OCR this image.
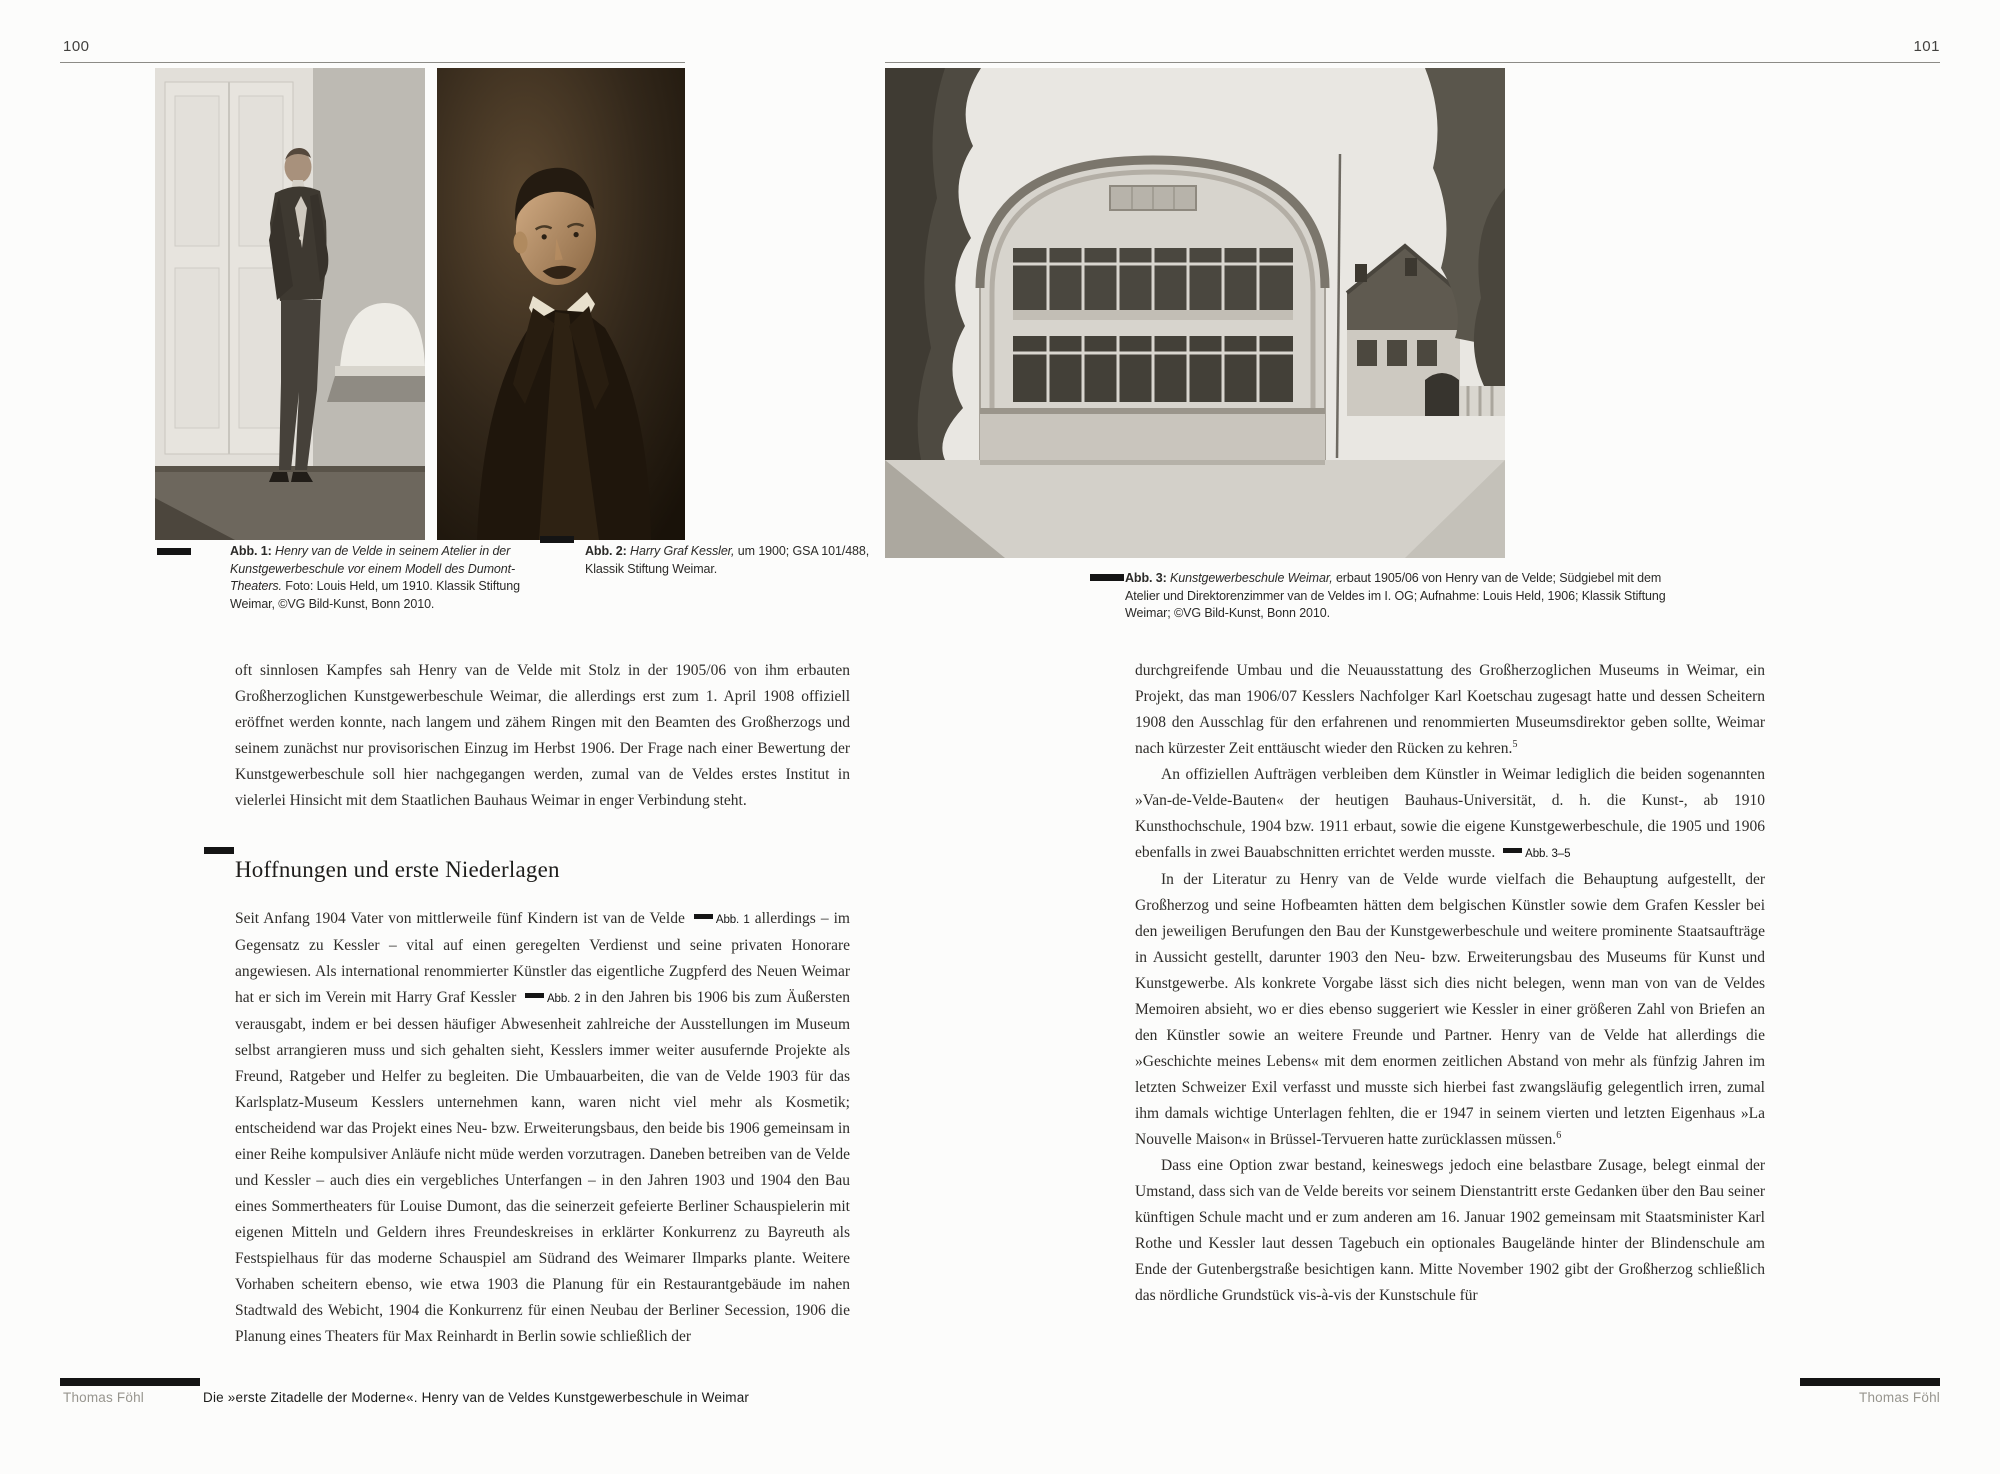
100	101
Abb. 1: Henry van de Velde in seinem Atelier in der Kunstgewerbeschule vor einem Modell des Dumont-Theaters. Foto: Louis Held, um 1910. Klassik Stiftung Weimar, ©VG Bild-Kunst, Bonn 2010.
Abb. 2: Harry Graf Kessler, um 1900; GSA 101/488, Klassik Stiftung Weimar.
Abb. 3: Kunstgewerbeschule Weimar, erbaut 1905/06 von Henry van de Velde; Südgiebel mit dem Atelier und Direktorenzimmer van de Veldes im I. OG; Aufnahme: Louis Held, 1906; Klassik Stiftung Weimar; ©VG Bild-Kunst, Bonn 2010.

oft sinnlosen Kampfes sah Henry van de Velde mit Stolz in der 1905/06 von ihm erbauten Großherzoglichen Kunstgewerbeschule Weimar, die allerdings erst zum 1. April 1908 offiziell eröffnet werden konnte, nach langem und zähem Ringen mit den Beamten des Großherzogs und seinem zunächst nur provisorischen Einzug im Herbst 1906. Der Frage nach einer Bewertung der Kunstgewerbeschule soll hier nachgegangen werden, zumal van de Veldes erstes Institut in vielerlei Hinsicht mit dem Staatlichen Bauhaus Weimar in enger Verbindung steht.

Hoffnungen und erste Niederlagen

Seit Anfang 1904 Vater von mittlerweile fünf Kindern ist van de Velde Abb. 1 allerdings – im Gegensatz zu Kessler – vital auf einen geregelten Verdienst und seine privaten Honorare angewiesen. Als international renommierter Künstler das eigentliche Zugpferd des Neuen Weimar hat er sich im Verein mit Harry Graf Kessler Abb. 2 in den Jahren bis 1906 bis zum Äußersten verausgabt, indem er bei dessen häufiger Abwesenheit zahlreiche der Ausstellungen im Museum selbst arrangieren muss und sich gehalten sieht, Kesslers immer weiter ausufernde Projekte als Freund, Ratgeber und Helfer zu begleiten. Die Umbauarbeiten, die van de Velde 1903 für das Karlsplatz-Museum Kesslers unternehmen kann, waren nicht viel mehr als Kosmetik; entscheidend war das Projekt eines Neu- bzw. Erweiterungsbaus, den beide bis 1906 gemeinsam in einer Reihe kompulsiver Anläufe nicht müde werden vorzutragen. Daneben betreiben van de Velde und Kessler – auch dies ein vergebliches Unterfangen – in den Jahren 1903 und 1904 den Bau eines Sommertheaters für Louise Dumont, das die seinerzeit gefeierte Berliner Schauspielerin mit eigenen Mitteln und Geldern ihres Freundeskreises in erklärter Konkurrenz zu Bayreuth als Festspielhaus für das moderne Schauspiel am Südrand des Weimarer Ilmparks plante. Weitere Vorhaben scheitern ebenso, wie etwa 1903 die Planung für ein Restaurantgebäude im nahen Stadtwald des Webicht, 1904 die Konkurrenz für einen Neubau der Berliner Secession, 1906 die Planung eines Theaters für Max Reinhardt in Berlin sowie schließlich der

durchgreifende Umbau und die Neuausstattung des Großherzoglichen Museums in Weimar, ein Projekt, das man 1906/07 Kesslers Nachfolger Karl Koetschau zugesagt hatte und dessen Scheitern 1908 den Ausschlag für den erfahrenen und renommierten Museumsdirektor geben sollte, Weimar nach kürzester Zeit enttäuscht wieder den Rücken zu kehren.$^5$

An offiziellen Aufträgen verbleiben dem Künstler in Weimar lediglich die beiden sogenannten »Van-de-Velde-Bauten« der heutigen Bauhaus-Universität, d. h. die Kunst-, ab 1910 Kunsthochschule, 1904 bzw. 1911 erbaut, sowie die eigene Kunstgewerbeschule, die 1905 und 1906 ebenfalls in zwei Bauabschnitten errichtet werden musste. Abb. 3–5

In der Literatur zu Henry van de Velde wurde vielfach die Behauptung aufgestellt, der Großherzog und seine Hofbeamten hätten dem belgischen Künstler sowie dem Grafen Kessler bei den jeweiligen Berufungen den Bau der Kunstgewerbeschule und weitere prominente Staatsaufträge in Aussicht gestellt, darunter 1903 den Neu- bzw. Erweiterungsbau des Museums für Kunst und Kunstgewerbe. Als konkrete Vorgabe lässt sich dies nicht belegen, wenn man von van de Veldes Memoiren absieht, wo er dies ebenso suggeriert wie Kessler in einer größeren Zahl von Briefen an den Künstler sowie an weitere Freunde und Partner. Henry van de Velde hat allerdings die »Geschichte meines Lebens« mit dem enormen zeitlichen Abstand von mehr als fünfzig Jahren im letzten Schweizer Exil verfasst und musste sich hierbei fast zwangsläufig gelegentlich irren, zumal ihm damals wichtige Unterlagen fehlten, die er 1947 in seinem vierten und letzten Eigenhaus »La Nouvelle Maison« in Brüssel-Tervueren hatte zurücklassen müssen.$^6$

Dass eine Option zwar bestand, keineswegs jedoch eine belastbare Zusage, belegt einmal der Umstand, dass sich van de Velde bereits vor seinem Dienstantritt erste Gedanken über den Bau seiner künftigen Schule macht und er zum anderen am 16. Januar 1902 gemeinsam mit Staatsminister Karl Rothe und Kessler laut dessen Tagebuch ein optionales Baugelände hinter der Blindenschule am Ende der Gutenbergstraße besichtigen kann. Mitte November 1902 gibt der Großherzog schließlich das nördliche Grundstück vis-à-vis der Kunstschule für

Thomas Föhl	Die »erste Zitadelle der Moderne«. Henry van de Veldes Kunstgewerbeschule in Weimar	Thomas Föhl
